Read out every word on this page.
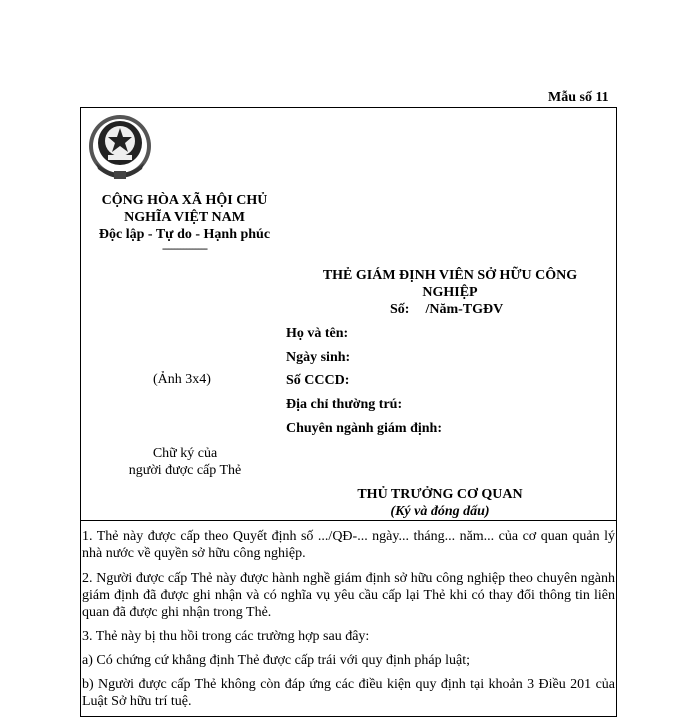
Mẫu số 11
CỘNG HÒA XÃ HỘI CHỦ
NGHĨA VIỆT NAM
Độc lập - Tự do - Hạnh phúc
---------------
THẺ GIÁM ĐỊNH VIÊN SỞ HỮU CÔNG
NGHIỆP
Số: /Năm-TGĐV
Họ và tên:
Ngày sinh:
Số CCCD:
Địa chỉ thường trú:
Chuyên ngành giám định:
(Ảnh 3x4)
Chữ ký của
người được cấp Thẻ
THỦ TRƯỞNG CƠ QUAN
(Ký và đóng dấu)
1. Thẻ này được cấp theo Quyết định số .../QĐ-... ngày... tháng... năm... của cơ quan quản lý nhà nước về quyền sở hữu công nghiệp.
2. Người được cấp Thẻ này được hành nghề giám định sở hữu công nghiệp theo chuyên ngành giám định đã được ghi nhận và có nghĩa vụ yêu cầu cấp lại Thẻ khi có thay đổi thông tin liên quan đã được ghi nhận trong Thẻ.
3. Thẻ này bị thu hồi trong các trường hợp sau đây:
a) Có chứng cứ khẳng định Thẻ được cấp trái với quy định pháp luật;
b) Người được cấp Thẻ không còn đáp ứng các điều kiện quy định tại khoản 3 Điều 201 của Luật Sở hữu trí tuệ.
